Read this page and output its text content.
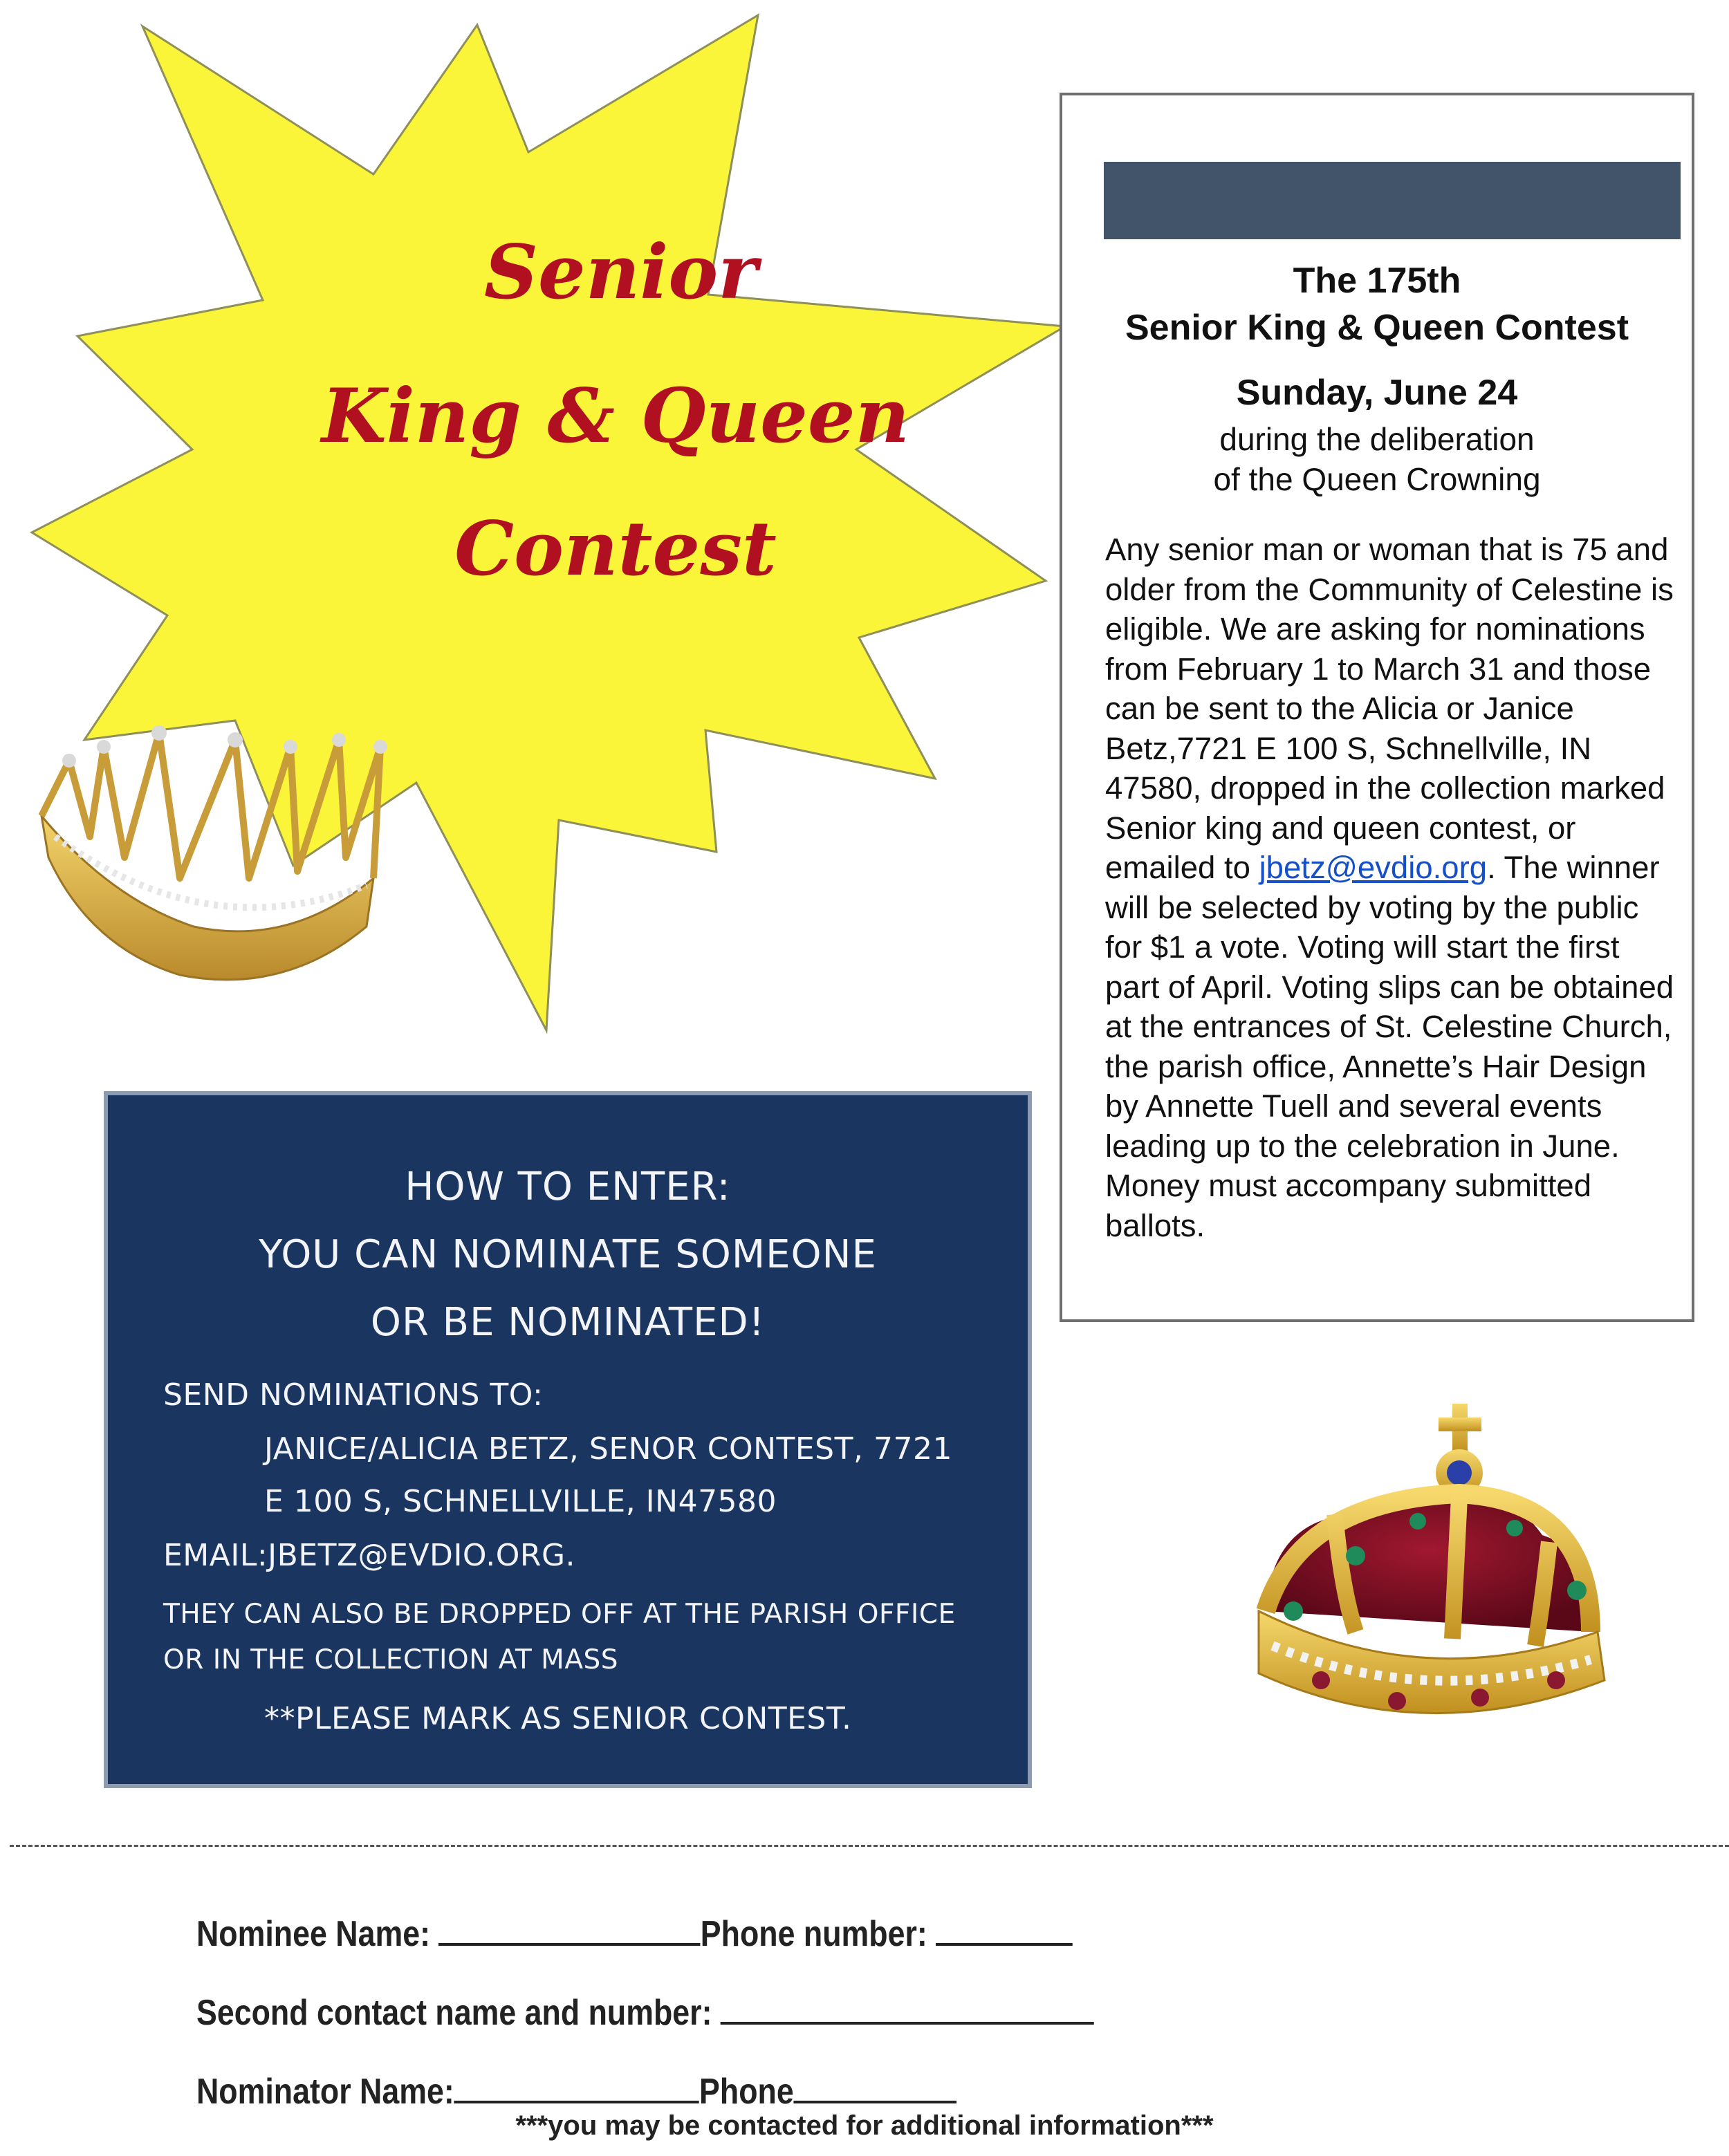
Senior
King & Queen
Contest
The 175th
Senior King & Queen Contest
Sunday, June 24
during the deliberation
of the Queen Crowning
Any senior man or woman that is 75 and older from the Community of Celestine is eligible. We are asking for nominations from February 1 to March 31 and those can be sent to the Alicia or Janice Betz,7721 E 100 S, Schnellville, IN 47580, dropped in the collection marked Senior king and queen contest, or emailed to jbetz@evdio.org. The winner will be selected by voting by the public for $1 a vote. Voting will start the first part of April. Voting slips can be obtained at the entrances of St. Celestine Church, the parish office, Annette’s Hair Design by Annette Tuell and several events leading up to the celebration in June. Money must accompany submitted ballots.
HOW TO ENTER:
YOU CAN NOMINATE SOMEONE
OR BE NOMINATED!
SEND NOMINATIONS TO:
JANICE/ALICIA BETZ, SENOR CONTEST, 7721
E 100 S, SCHNELLVILLE, IN47580
EMAIL:JBETZ@EVDIO.ORG.
THEY CAN ALSO BE DROPPED OFF AT THE PARISH OFFICE
OR IN THE COLLECTION AT MASS
**PLEASE MARK AS SENIOR CONTEST.
Nominee Name:	Phone number:
Second contact name and number:
Nominator Name:	Phone
***you may be contacted for additional information***
